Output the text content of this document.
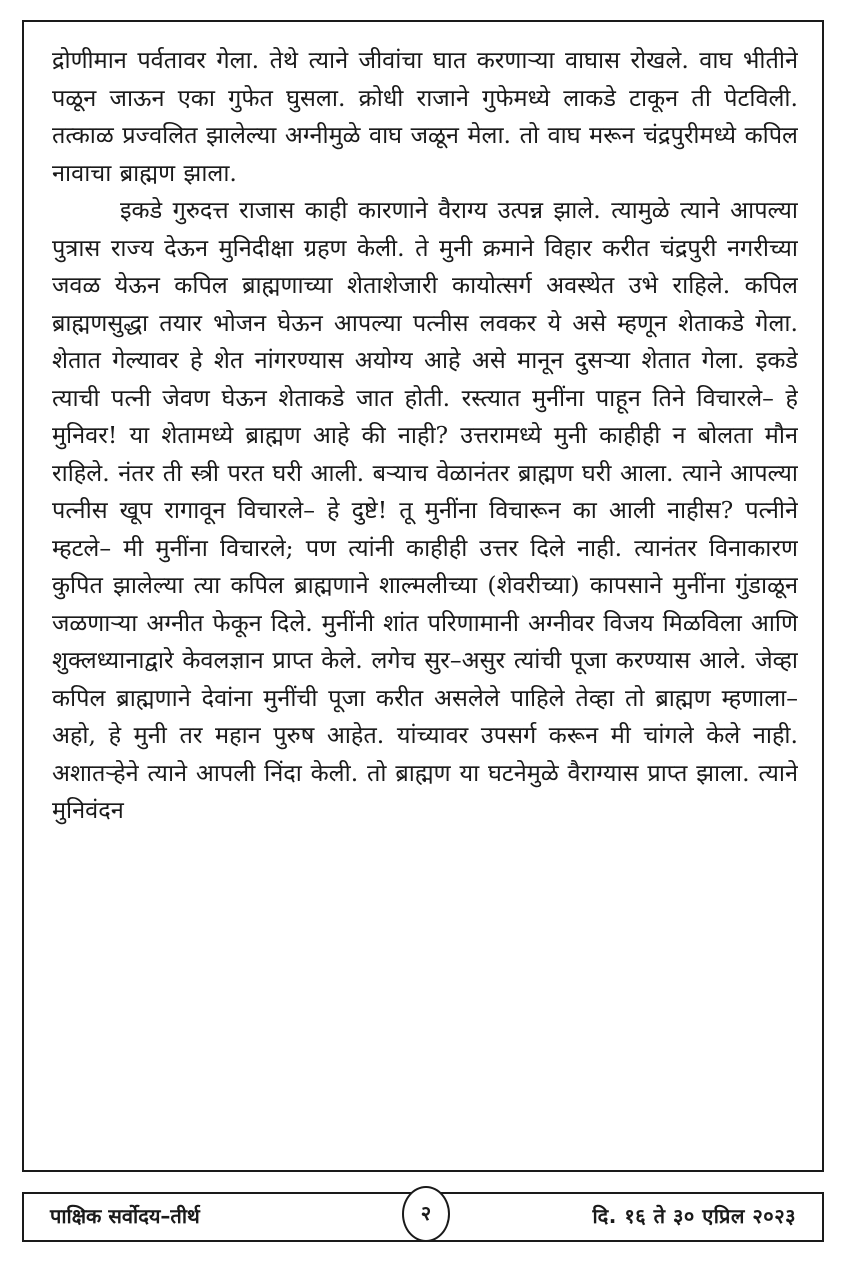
द्रोणीमान पर्वतावर गेला. तेथे त्याने जीवांचा घात करणाऱ्या वाघास रोखले. वाघ भीतीने पळून जाऊन एका गुफेत घुसला. क्रोधी राजाने गुफेमध्ये लाकडे टाकून ती पेटविली. तत्काळ प्रज्वलित झालेल्या अग्नीमुळे वाघ जळून मेला. तो वाघ मरून चंद्रपुरीमध्ये कपिल नावाचा ब्राह्मण झाला.

इकडे गुरुदत्त राजास काही कारणाने वैराग्य उत्पन्न झाले. त्यामुळे त्याने आपल्या पुत्रास राज्य देऊन मुनिदीक्षा ग्रहण केली. ते मुनी क्रमाने विहार करीत चंद्रपुरी नगरीच्या जवळ येऊन कपिल ब्राह्मणाच्या शेताशेजारी कायोत्सर्ग अवस्थेत उभे राहिले. कपिल ब्राह्मणसुद्धा तयार भोजन घेऊन आपल्या पत्नीस लवकर ये असे म्हणून शेताकडे गेला. शेतात गेल्यावर हे शेत नांगरण्यास अयोग्य आहे असे मानून दुसऱ्या शेतात गेला. इकडे त्याची पत्नी जेवण घेऊन शेताकडे जात होती. रस्त्यात मुनींना पाहून तिने विचारले– हे मुनिवर! या शेतामध्ये ब्राह्मण आहे की नाही? उत्तरामध्ये मुनी काहीही न बोलता मौन राहिले. नंतर ती स्त्री परत घरी आली. बऱ्याच वेळानंतर ब्राह्मण घरी आला. त्याने आपल्या पत्नीस खूप रागावून विचारले– हे दुष्टे! तू मुनींना विचारून का आली नाहीस? पत्नीने म्हटले– मी मुनींना विचारले; पण त्यांनी काहीही उत्तर दिले नाही. त्यानंतर विनाकारण कुपित झालेल्या त्या कपिल ब्राह्मणाने शाल्मलीच्या (शेवरीच्या) कापसाने मुनींना गुंडाळून जळणाऱ्या अग्नीत फेकून दिले. मुनींनी शांत परिणामानी अग्नीवर विजय मिळविला आणि शुक्लध्यानाद्वारे केवलज्ञान प्राप्त केले. लगेच सुर–असुर त्यांची पूजा करण्यास आले. जेव्हा कपिल ब्राह्मणाने देवांना मुनींची पूजा करीत असलेले पाहिले तेव्हा तो ब्राह्मण म्हणाला– अहो, हे मुनी तर महान पुरुष आहेत. यांच्यावर उपसर्ग करून मी चांगले केले नाही. अशातऱ्हेने त्याने आपली निंदा केली. तो ब्राह्मण या घटनेमुळे वैराग्यास प्राप्त झाला. त्याने मुनिवंदन

पाक्षिक सर्वोदय–तीर्थ	२	दि. १६ ते ३० एप्रिल २०२३
